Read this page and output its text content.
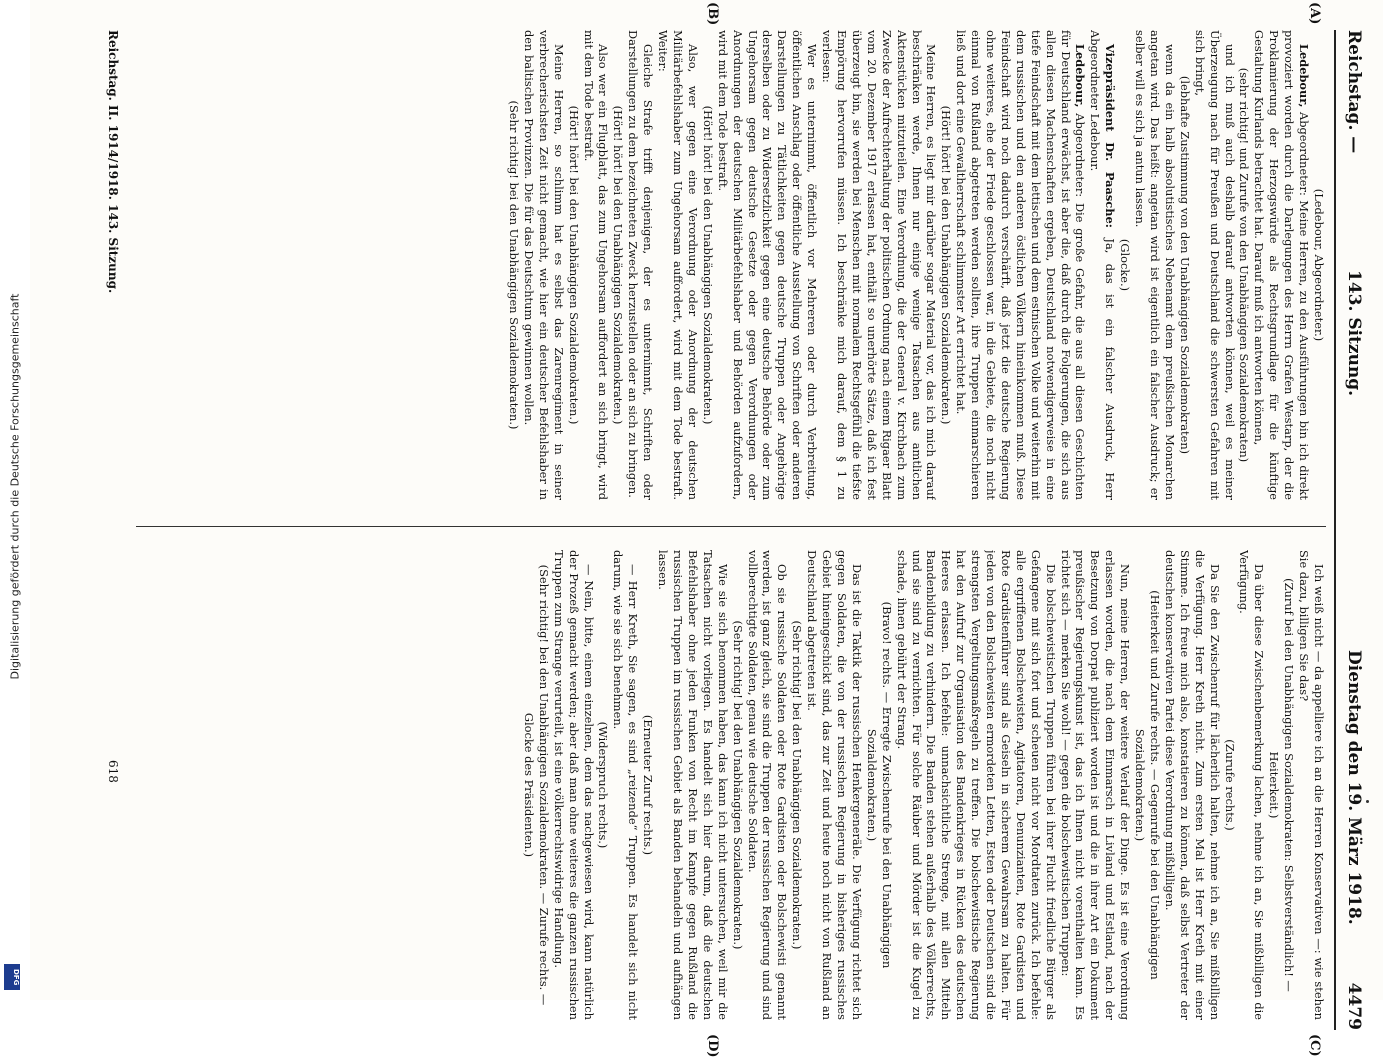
Reichstag. —
143. Sitzung.
Dienstag den 19. März 1918.
4479
(A)
(B)
(C)
(D)

(Ledebour, Abgeordneter.)

Ledebour, Abgeordneter: Meine Herren, zu den Ausführungen bin ich direkt provoziert worden durch die Darlegungen des Herrn Grafen Westarp, der die Proklamierung der Herzogswürde als Rechtsgrundlage für die künftige Gestaltung Kurlands betrachtet hat. Darauf muß ich antworten können,

(sehr richtig! und Zurufe von den Unabhängigen Sozialdemokraten)

und ich muß auch deshalb darauf antworten können, weil es meiner Überzeugung nach für Preußen und Deutschland die schwersten Gefahren mit sich bringt,

(lebhafte Zustimmung von den Unabhängigen Sozialdemokraten)

wenn da ein halb absolutistisches Nebenamt dem preußischen Monarchen angetan wird. Das heißt: angetan wird ist eigentlich ein falscher Ausdruck; er selber will es sich ja antun lassen.

(Glocke.)

Vizepräsident Dr. Paasche: Ja, das ist ein falscher Ausdruck, Herr Abgeordneter Ledebour.

Ledebour, Abgeordneter: Die große Gefahr, die aus all diesen Geschichten für Deutschland erwächst, ist aber die, daß durch die Folgerungen, die sich aus allen diesen Machenschaften ergeben, Deutschland notwendigerweise in eine tiefe Feindschaft mit dem lettischen und dem estnischen Volke und weiterhin mit dem russischen und den anderen östlichen Völkern hineinkommen muß. Diese Feindschaft wird noch dadurch verschärft, daß jetzt die deutsche Regierung ohne weiteres, ehe der Friede geschlossen war, in die Gebiete, die noch nicht einmal von Rußland abgetreten werden sollten, ihre Truppen einmarschieren ließ und dort eine Gewaltherrschaft schlimmster Art errichtet hat.

(Hört! hört! bei den Unabhängigen Sozialdemokraten.)

Meine Herren, es liegt mir darüber sogar Material vor, das ich mich darauf beschränken werde, Ihnen nur einige wenige Tatsachen aus amtlichen Aktenstücken mitzuteilen. Eine Verordnung, die der General v. Kirchbach zum Zwecke der Aufrechterhaltung der politischen Ordnung nach einem Rigaer Blatt vom 20. Dezember 1917 erlassen hat, enthält so unerhörte Sätze, daß ich fest überzeugt bin, sie werden bei Menschen mit normalem Rechtsgefühl die tiefste Empörung hervorrufen müssen. Ich beschränke mich darauf, dem § 1 zu verlesen:

Wer es unternimmt, öffentlich vor Mehreren oder durch Verbreitung, öffentlichen Anschlag oder öffentliche Ausstellung von Schriften oder anderen Darstellungen zu Tätlichkeiten gegen deutsche Truppen oder Angehörige derselben oder zu Widersetzlichkeit gegen eine deutsche Behörde oder zum Ungehorsam gegen deutsche Gesetze oder gegen Verordnungen oder Anordnungen der deutschen Militärbefehlshaber und Behörden aufzufordern, wird mit dem Tode bestraft.

(Hört! hört! bei den Unabhängigen Sozialdemokraten.)

Also, wer gegen eine Verordnung oder Anordnung der deutschen Militärbefehlshaber zum Ungehorsam auffordert, wird mit dem Tode bestraft. Weiter:

Gleiche Strafe trifft denjenigen, der es unternimmt, Schriften oder Darstellungen zu dem bezeichneten Zweck herzustellen oder an sich zu bringen.

(Hört! hört! bei den Unabhängigen Sozialdemokraten.)

Also wer ein Flugblatt, das zum Ungehorsam auffordert an sich bringt, wird mit dem Tode bestraft.

(Hört! hört! bei den Unabhängigen Sozialdemokraten.)

Meine Herren, so schlimm hat es selbst das Zarenregiment in seiner verbrecherischsten Zeit nicht gemacht, wie hier ein deutscher Befehlshaber in den baltischen Provinzen. Die für das Deutschtum gewinnen wollen.

(Sehr richtig! bei den Unabhängigen Sozialdemokraten.)

Ich weiß nicht — da appelliere ich an die Herren Konservativen —: wie stehen Sie dazu, billigen Sie das?

(Zuruf bei den Unabhängigen Sozialdemokraten: Selbstverständlich! — Heiterkeit.)

Da über diese Zwischenbemerkung lachen, nehme ich an, Sie mißbilligen die Verfügung.

(Zurufe rechts.)

Da Sie den Zwischenruf für lächerlich halten, nehme ich an, Sie mißbilligen die Verfügung. Herr Kreth nicht. Zum ersten Mal ist Herr Kreth mit einer Stimme. Ich freue mich also, konstatieren zu können, daß selbst Vertreter der deutschen konservativen Partei diese Verordnung mißbilligen.

(Heiterkeit und Zurufe rechts. — Gegenrufe bei den Unabhängigen Sozialdemokraten.)

Nun, meine Herren, der weitere Verlauf der Dinge. Es ist eine Verordnung erlassen worden, die nach dem Einmarsch in Livland und Estland, nach der Besetzung von Dorpat publiziert worden ist und die in ihrer Art ein Dokument preußischer Regierungskunst ist, das ich Ihnen nicht vorenthalten kann. Es richtet sich — merken Sie wohl! — gegen die bolschewistischen Truppen:

Die bolschewistischen Truppen führen bei ihrer Flucht friedliche Bürger als Gefangene mit sich fort und scheuen nicht vor Mordtaten zurück. Ich befehle: alle ergriffenen Bolschewisten, Agitatoren, Denunzianten, Rote Gardisten und Rote Gardistenführer sind als Geiseln in sicherem Gewahrsam zu halten. Für jeden von den Bolschewisten ermordeten Letten, Esten oder Deutschen sind die strengsten Vergeltungsmaßregeln zu treffen. Die bolschewistische Regierung hat den Aufruf zur Organisation des Bandenkrieges in Rücken des deutschen Heeres erlassen. Ich befehle: unnachsichtliche Strenge, mit allen Mitteln Bandenbildung zu verhindern. Die Banden stehen außerhalb des Völkerrechts, und sie sind zu vernichten. Für solche Räuber und Mörder ist die Kugel zu schade, ihnen gebührt der Strang.

(Bravo! rechts. — Erregte Zwischenrufe bei den Unabhängigen Sozialdemokraten.)

Das ist die Taktik der russischen Henkergeneräle. Die Verfügung richtet sich gegen Soldaten, die von der russischen Regierung in bisheriges russisches Gebiet hineingeschickt sind, das zur Zeit und heute noch nicht von Rußland an Deutschland abgetreten ist.

(Sehr richtig! bei den Unabhängigen Sozialdemokraten.)

Ob sie russische Soldaten oder Rote Gardisten oder Bolschewisti genannt werden, ist ganz gleich, sie sind die Truppen der russischen Regierung und sind vollberechtigte Soldaten, genau wie deutsche Soldaten.

(Sehr richtig! bei den Unabhängigen Sozialdemokraten.)

Wie sie sich benommen haben, das kann ich nicht untersuchen, weil mir die Tatsachen nicht vorliegen. Es handelt sich hier darum, daß die deutschen Befehlshaber ohne jeden Funken von Recht im Kampfe gegen Rußland die russischen Truppen im russischen Gebiet als Banden behandeln und aufhängen lassen.

(Erneuter Zuruf rechts.)

— Herr Kreth, Sie sagen, es sind „reizende“ Truppen. Es handelt sich nicht darum, wie sie sich benehmen.

(Widerspruch rechts.)

— Nein, bitte, einem einzelnen, dem das nachgewiesen wird, kann natürlich der Prozeß gemacht werden; aber daß man ohne weiteres die ganzen russischen Truppen zum Strange verurteilt, ist eine völkerrechtswidrige Handlung.

(Sehr richtig! bei den Unabhängigen Sozialdemokraten. — Zurufe rechts. — Glocke des Präsidenten.)

Reichstag. II. 1914/1918. 143. Sitzung.
618
Digitalisierung gefördert durch die Deutsche Forschungsgemeinschaft
DFG
